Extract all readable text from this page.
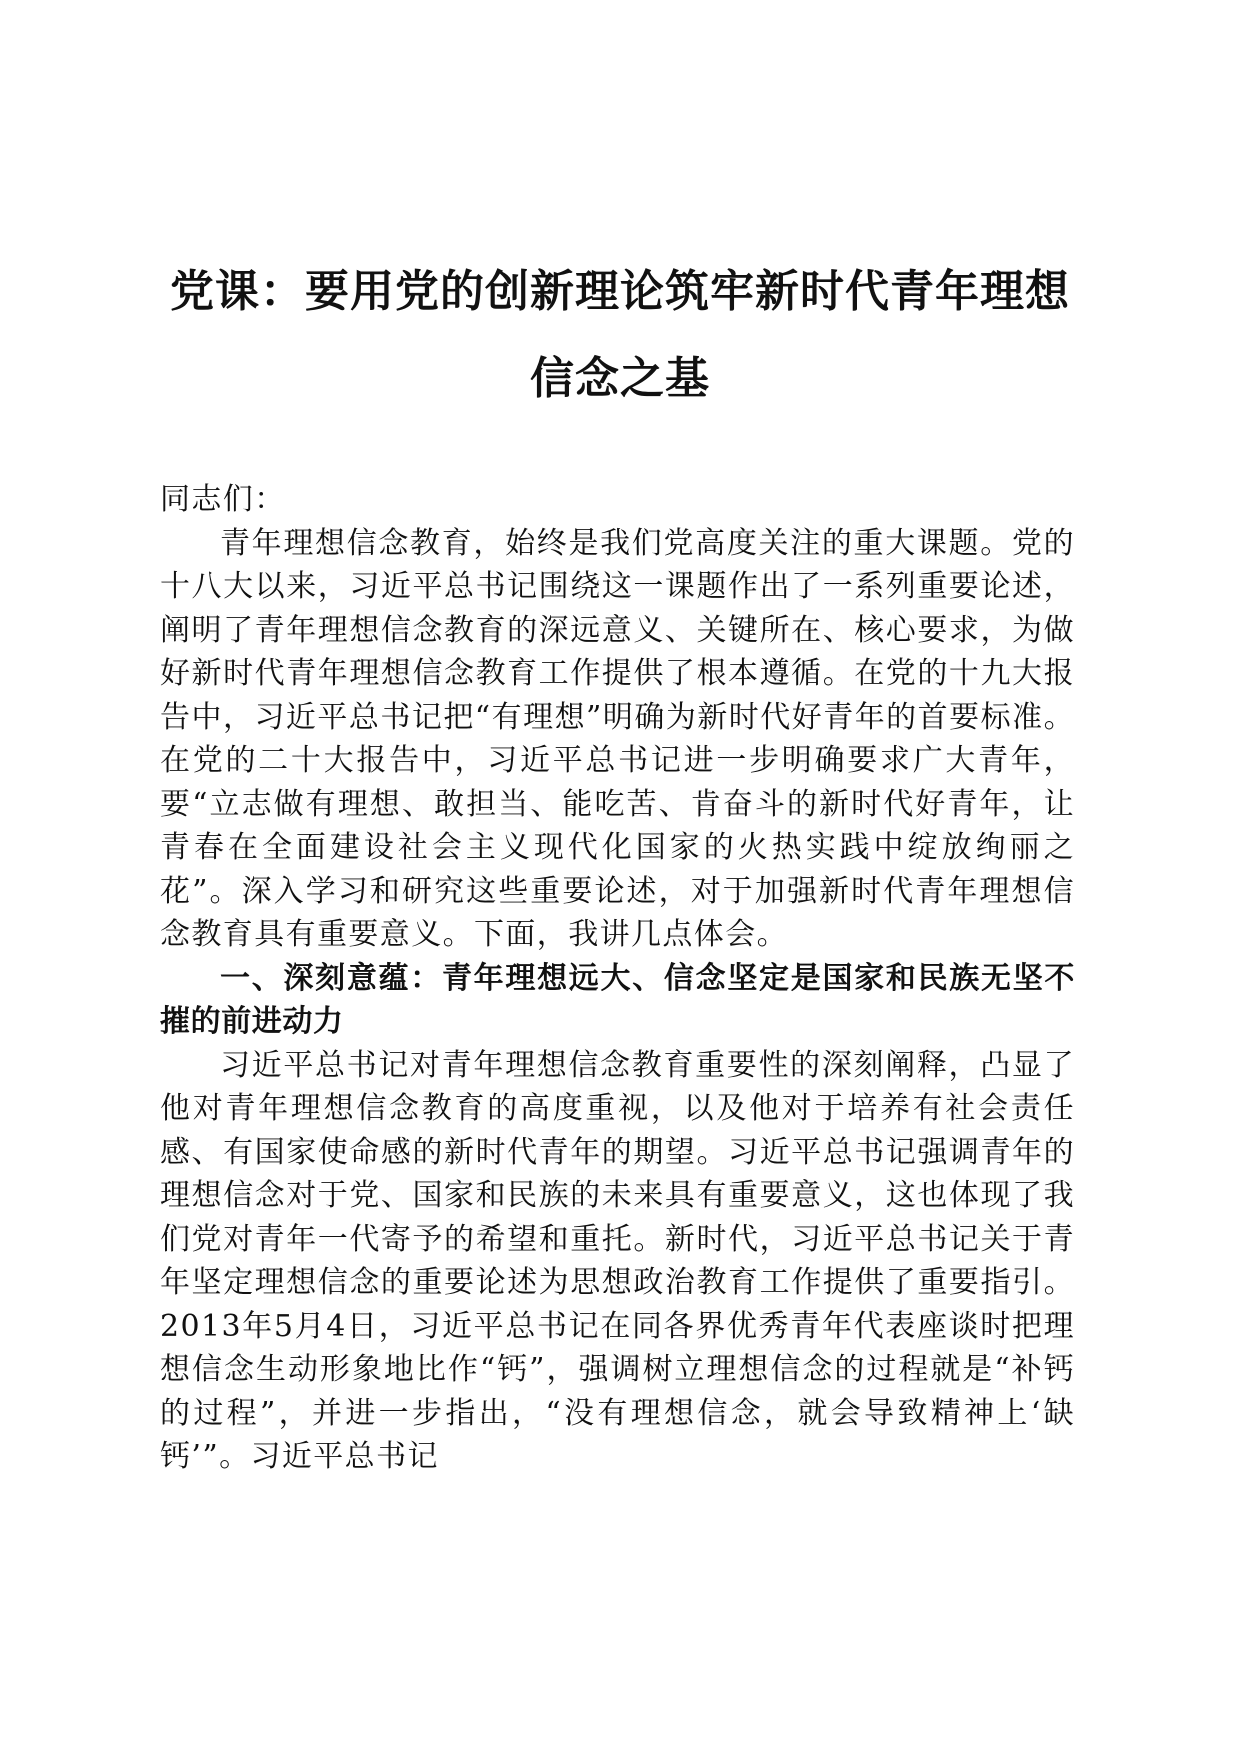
党课：要用党的创新理论筑牢新时代青年理想信念之基

同志们：

青年理想信念教育，始终是我们党高度关注的重大课题。党的十八大以来，习近平总书记围绕这一课题作出了一系列重要论述，阐明了青年理想信念教育的深远意义、关键所在、核心要求，为做好新时代青年理想信念教育工作提供了根本遵循。在党的十九大报告中，习近平总书记把“有理想”明确为新时代好青年的首要标准。在党的二十大报告中，习近平总书记进一步明确要求广大青年，要“立志做有理想、敢担当、能吃苦、肯奋斗的新时代好青年，让青春在全面建设社会主义现代化国家的火热实践中绽放绚丽之花”。深入学习和研究这些重要论述，对于加强新时代青年理想信念教育具有重要意义。下面，我讲几点体会。

一、深刻意蕴：青年理想远大、信念坚定是国家和民族无坚不摧的前进动力

习近平总书记对青年理想信念教育重要性的深刻阐释，凸显了他对青年理想信念教育的高度重视，以及他对于培养有社会责任感、有国家使命感的新时代青年的期望。习近平总书记强调青年的理想信念对于党、国家和民族的未来具有重要意义，这也体现了我们党对青年一代寄予的希望和重托。新时代，习近平总书记关于青年坚定理想信念的重要论述为思想政治教育工作提供了重要指引。2013年5月4日，习近平总书记在同各界优秀青年代表座谈时把理想信念生动形象地比作“钙”，强调树立理想信念的过程就是“补钙的过程”，并进一步指出，“没有理想信念，就会导致精神上‘缺钙’”。习近平总书记
